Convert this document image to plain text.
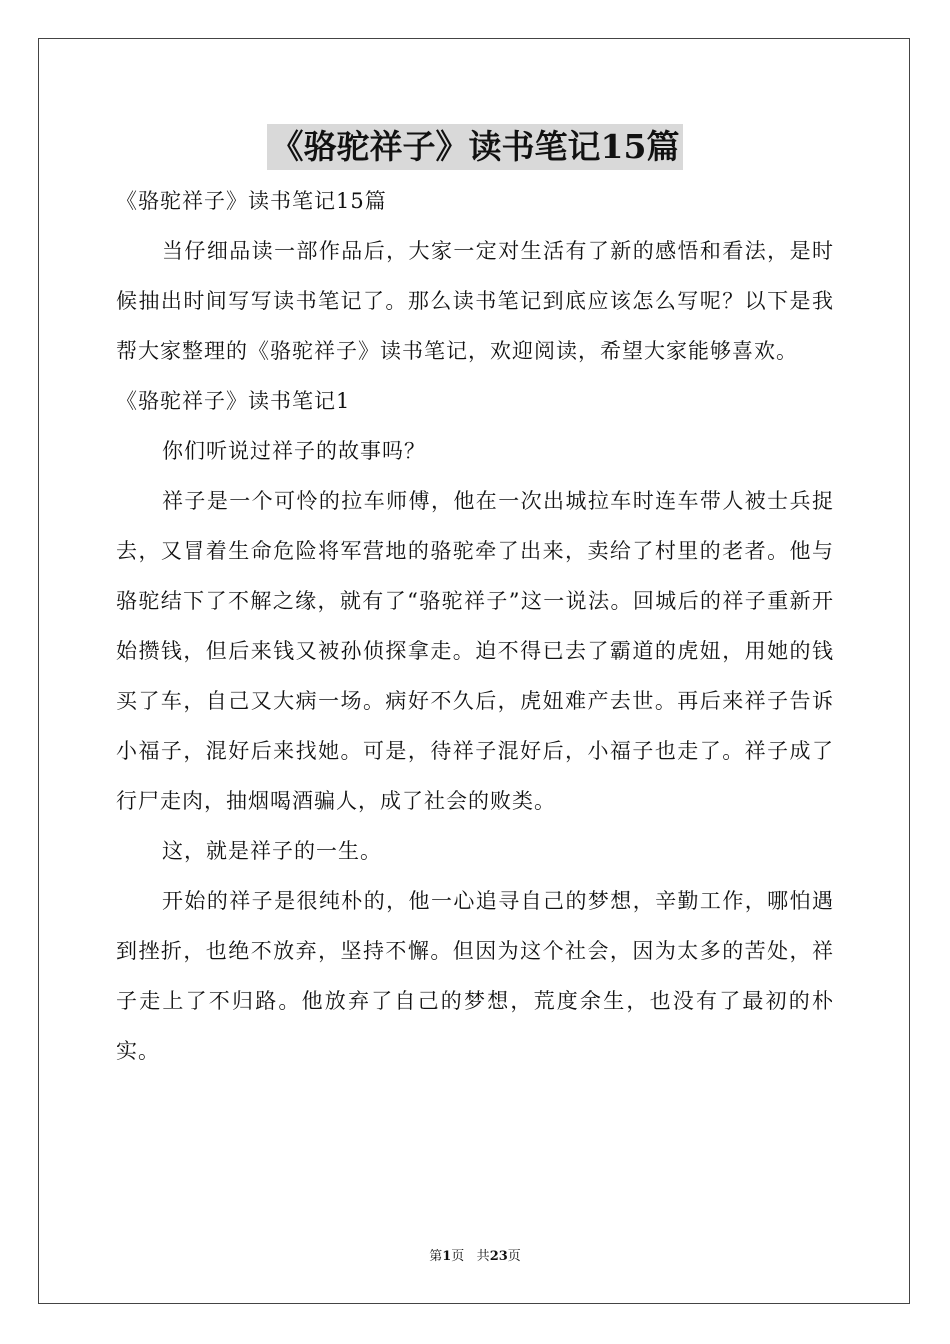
《骆驼祥子》读书笔记15篇

《骆驼祥子》读书笔记15篇

当仔细品读一部作品后，大家一定对生活有了新的感悟和看法，是时候抽出时间写写读书笔记了。那么读书笔记到底应该怎么写呢？以下是我帮大家整理的《骆驼祥子》读书笔记，欢迎阅读，希望大家能够喜欢。

《骆驼祥子》读书笔记1

你们听说过祥子的故事吗？

祥子是一个可怜的拉车师傅，他在一次出城拉车时连车带人被士兵捉去，又冒着生命危险将军营地的骆驼牵了出来，卖给了村里的老者。他与骆驼结下了不解之缘，就有了“骆驼祥子”这一说法。回城后的祥子重新开始攒钱，但后来钱又被孙侦探拿走。迫不得已去了霸道的虎妞，用她的钱买了车，自己又大病一场。病好不久后，虎妞难产去世。再后来祥子告诉小福子，混好后来找她。可是，待祥子混好后，小福子也走了。祥子成了行尸走肉，抽烟喝酒骗人，成了社会的败类。

这，就是祥子的一生。

开始的祥子是很纯朴的，他一心追寻自己的梦想，辛勤工作，哪怕遇到挫折，也绝不放弃，坚持不懈。但因为这个社会，因为太多的苦处，祥子走上了不归路。他放弃了自己的梦想，荒度余生，也没有了最初的朴实。

第1页 共23页
